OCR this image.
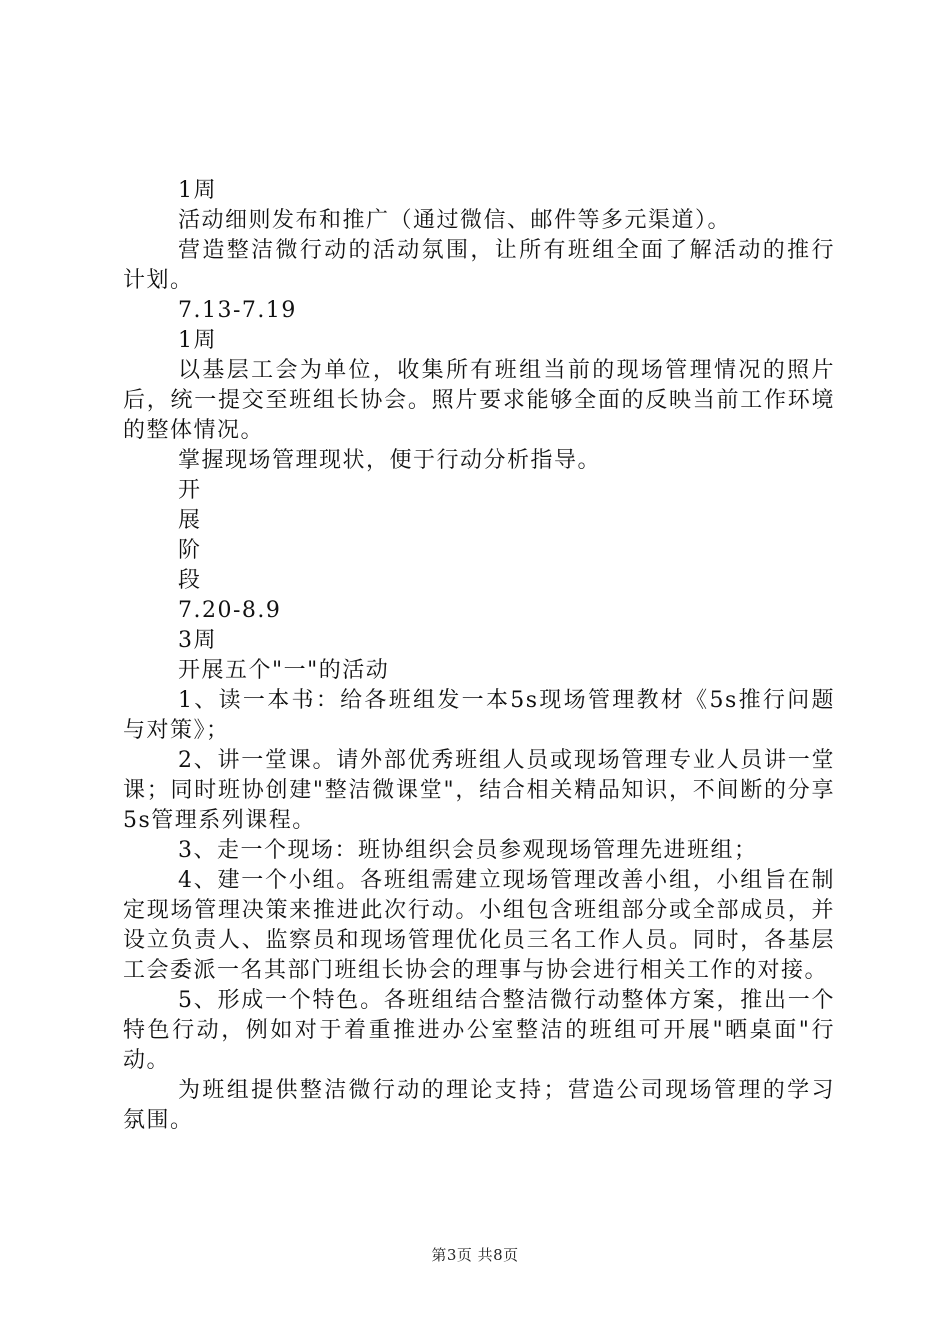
1周

活动细则发布和推广（通过微信、邮件等多元渠道）。

营造整洁微行动的活动氛围，让所有班组全面了解活动的推行计划。

7.13-7.19

1周

以基层工会为单位，收集所有班组当前的现场管理情况的照片后，统一提交至班组长协会。照片要求能够全面的反映当前工作环境的整体情况。

掌握现场管理现状，便于行动分析指导。

开

展

阶

段

7.20-8.9

3周

开展五个"一"的活动

1、读一本书：给各班组发一本5s现场管理教材《5s推行问题与对策》；

2、讲一堂课。请外部优秀班组人员或现场管理专业人员讲一堂课；同时班协创建"整洁微课堂"，结合相关精品知识，不间断的分享5s管理系列课程。

3、走一个现场：班协组织会员参观现场管理先进班组；

4、建一个小组。各班组需建立现场管理改善小组，小组旨在制定现场管理决策来推进此次行动。小组包含班组部分或全部成员，并设立负责人、监察员和现场管理优化员三名工作人员。同时，各基层工会委派一名其部门班组长协会的理事与协会进行相关工作的对接。

5、形成一个特色。各班组结合整洁微行动整体方案，推出一个特色行动，例如对于着重推进办公室整洁的班组可开展"晒桌面"行动。

为班组提供整洁微行动的理论支持；营造公司现场管理的学习氛围。

第3页 共8页
